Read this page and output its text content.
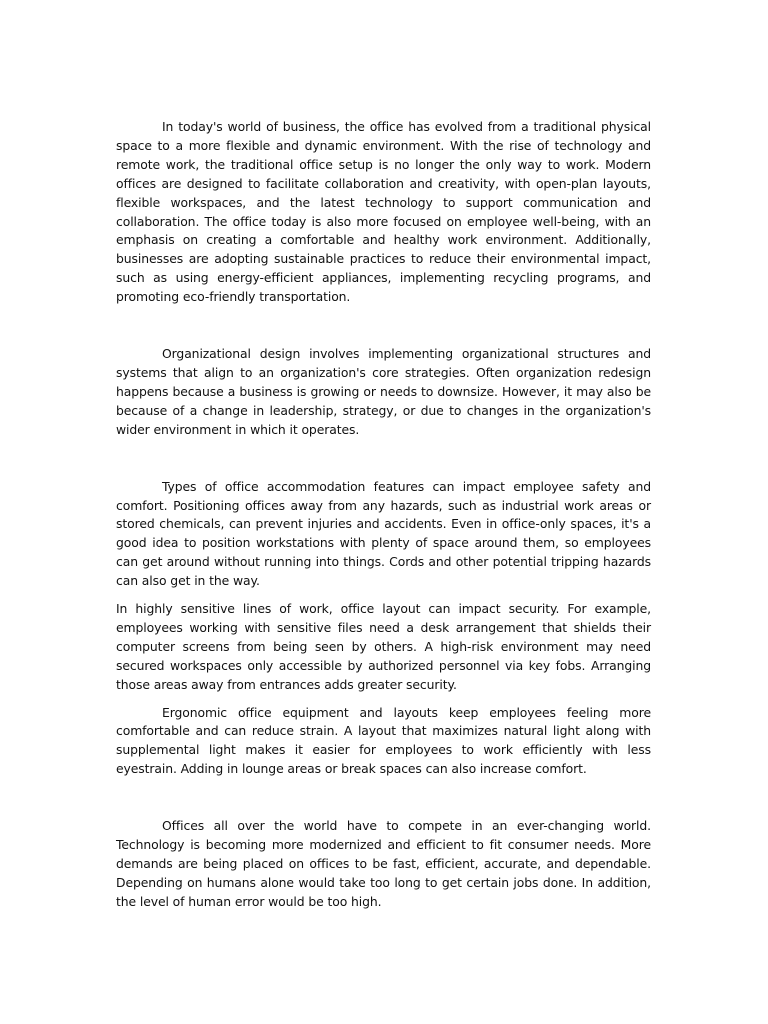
In today's world of business, the office has evolved from a traditional physical space to a more flexible and dynamic environment. With the rise of technology and remote work, the traditional office setup is no longer the only way to work. Modern offices are designed to facilitate collaboration and creativity, with open-plan layouts, flexible workspaces, and the latest technology to support communication and collaboration. The office today is also more focused on employee well-being, with an emphasis on creating a comfortable and healthy work environment. Additionally, businesses are adopting sustainable practices to reduce their environmental impact, such as using energy-efficient appliances, implementing recycling programs, and promoting eco-friendly transportation.

Organizational design involves implementing organizational structures and systems that align to an organization's core strategies. Often organization redesign happens because a business is growing or needs to downsize. However, it may also be because of a change in leadership, strategy, or due to changes in the organization's wider environment in which it operates.

Types of office accommodation features can impact employee safety and comfort. Positioning offices away from any hazards, such as industrial work areas or stored chemicals, can prevent injuries and accidents. Even in office-only spaces, it's a good idea to position workstations with plenty of space around them, so employees can get around without running into things. Cords and other potential tripping hazards can also get in the way.

In highly sensitive lines of work, office layout can impact security. For example, employees working with sensitive files need a desk arrangement that shields their computer screens from being seen by others. A high-risk environment may need secured workspaces only accessible by authorized personnel via key fobs. Arranging those areas away from entrances adds greater security.

Ergonomic office equipment and layouts keep employees feeling more comfortable and can reduce strain. A layout that maximizes natural light along with supplemental light makes it easier for employees to work efficiently with less eyestrain. Adding in lounge areas or break spaces can also increase comfort.

Offices all over the world have to compete in an ever-changing world. Technology is becoming more modernized and efficient to fit consumer needs. More demands are being placed on offices to be fast, efficient, accurate, and dependable. Depending on humans alone would take too long to get certain jobs done. In addition, the level of human error would be too high.
